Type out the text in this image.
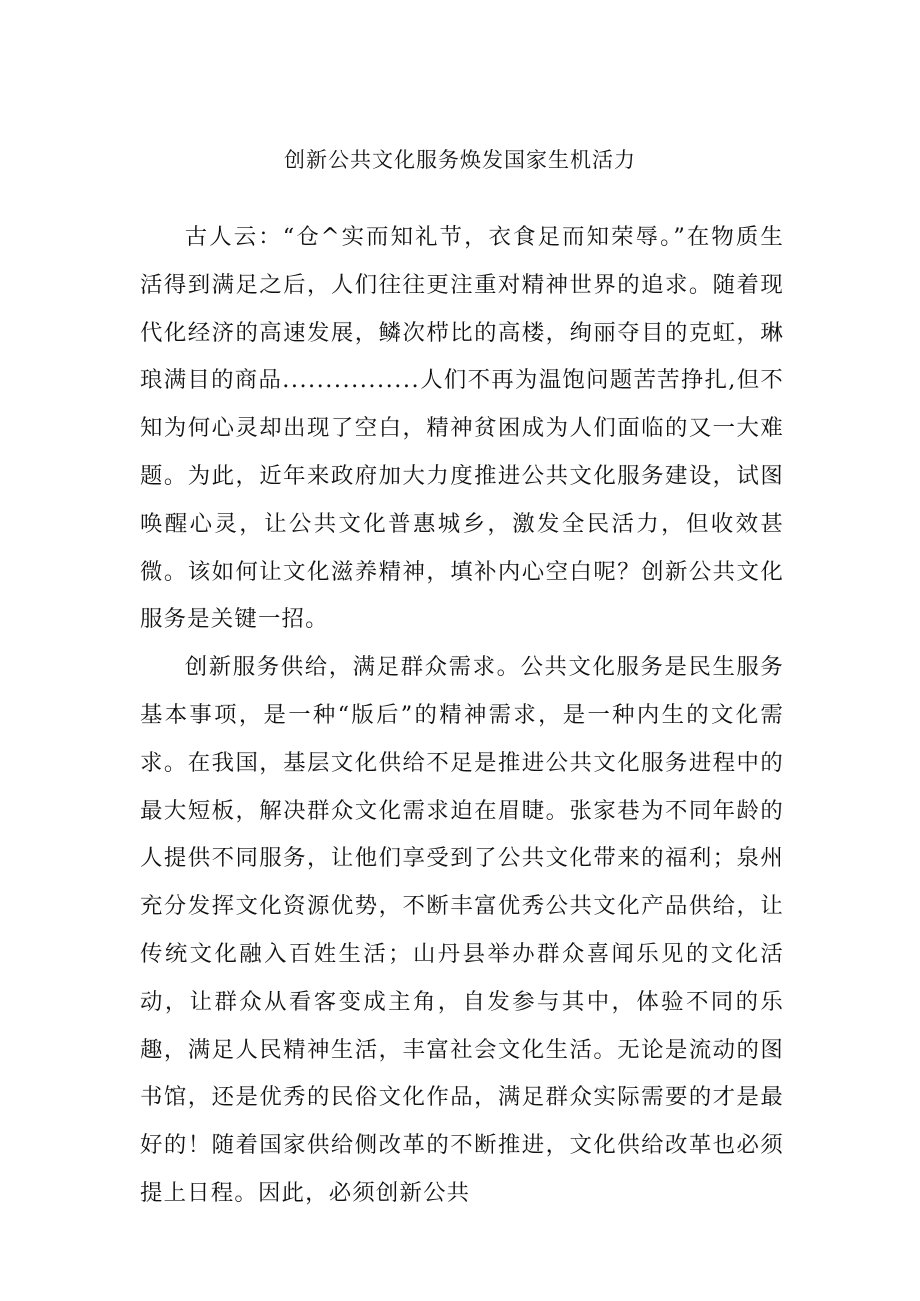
创新公共文化服务焕发国家生机活力

古人云：“仓^实而知礼节，衣食足而知荣辱。”在物质生活得到满足之后，人们往往更注重对精神世界的追求。随着现代化经济的高速发展，鳞次栉比的高楼，绚丽夺目的克虹，琳琅满目的商品................人们不再为温饱问题苦苦挣扎,但不知为何心灵却出现了空白，精神贫困成为人们面临的又一大难题。为此，近年来政府加大力度推进公共文化服务建设，试图唤醒心灵，让公共文化普惠城乡，激发全民活力，但收效甚微。该如何让文化滋养精神，填补内心空白呢？创新公共文化服务是关键一招。

创新服务供给，满足群众需求。公共文化服务是民生服务基本事项，是一种“版后”的精神需求，是一种内生的文化需求。在我国，基层文化供给不足是推进公共文化服务进程中的最大短板，解决群众文化需求迫在眉睫。张家巷为不同年龄的人提供不同服务，让他们享受到了公共文化带来的福利；泉州充分发挥文化资源优势，不断丰富优秀公共文化产品供给，让传统文化融入百姓生活；山丹县举办群众喜闻乐见的文化活动，让群众从看客变成主角，自发参与其中，体验不同的乐趣，满足人民精神生活，丰富社会文化生活。无论是流动的图书馆，还是优秀的民俗文化作品，满足群众实际需要的才是最好的！随着国家供给侧改革的不断推进，文化供给改革也必须提上日程。因此，必须创新公共
